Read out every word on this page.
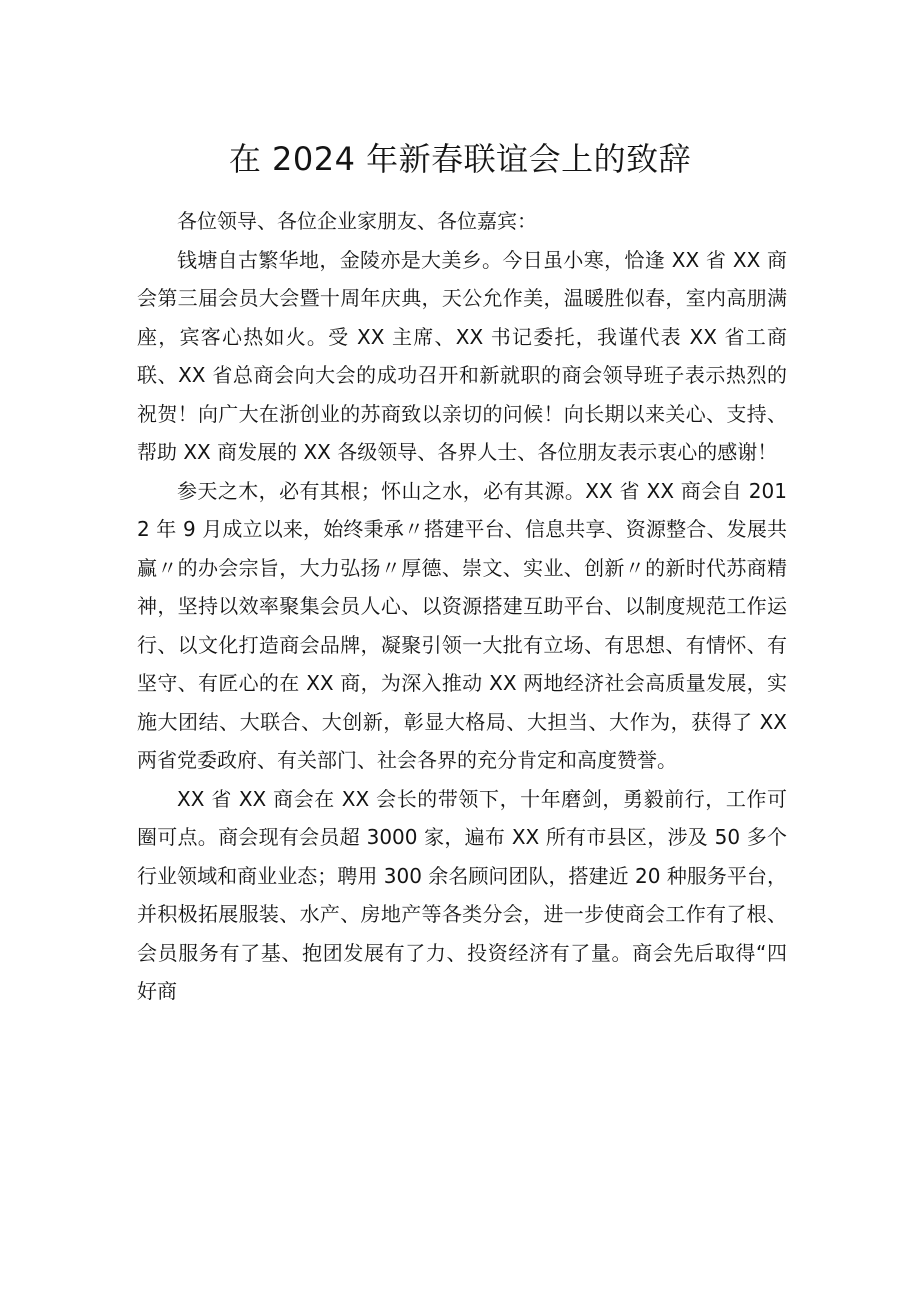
在 2024 年新春联谊会上的致辞

各位领导、各位企业家朋友、各位嘉宾：

钱塘自古繁华地，金陵亦是大美乡。今日虽小寒，恰逢 XX 省 XX 商会第三届会员大会暨十周年庆典，天公允作美，温暖胜似春，室内高朋满座，宾客心热如火。受 XX 主席、XX 书记委托，我谨代表 XX 省工商联、XX 省总商会向大会的成功召开和新就职的商会领导班子表示热烈的祝贺！向广大在浙创业的苏商致以亲切的问候！向长期以来关心、支持、帮助 XX 商发展的 XX 各级领导、各界人士、各位朋友表示衷心的感谢！

参天之木，必有其根；怀山之水，必有其源。XX 省 XX 商会自 2012 年 9 月成立以来，始终秉承〃搭建平台、信息共享、资源整合、发展共赢〃的办会宗旨，大力弘扬〃厚德、崇文、实业、创新〃的新时代苏商精神，坚持以效率聚集会员人心、以资源搭建互助平台、以制度规范工作运行、以文化打造商会品牌，凝聚引领一大批有立场、有思想、有情怀、有坚守、有匠心的在 XX 商，为深入推动 XX 两地经济社会高质量发展，实施大团结、大联合、大创新，彰显大格局、大担当、大作为，获得了 XX 两省党委政府、有关部门、社会各界的充分肯定和高度赞誉。

XX 省 XX 商会在 XX 会长的带领下，十年磨剑，勇毅前行，工作可圈可点。商会现有会员超 3000 家，遍布 XX 所有市县区，涉及 50 多个行业领域和商业业态；聘用 300 余名顾问团队，搭建近 20 种服务平台，并积极拓展服装、水产、房地产等各类分会，进一步使商会工作有了根、会员服务有了基、抱团发展有了力、投资经济有了量。商会先后取得“四好商
